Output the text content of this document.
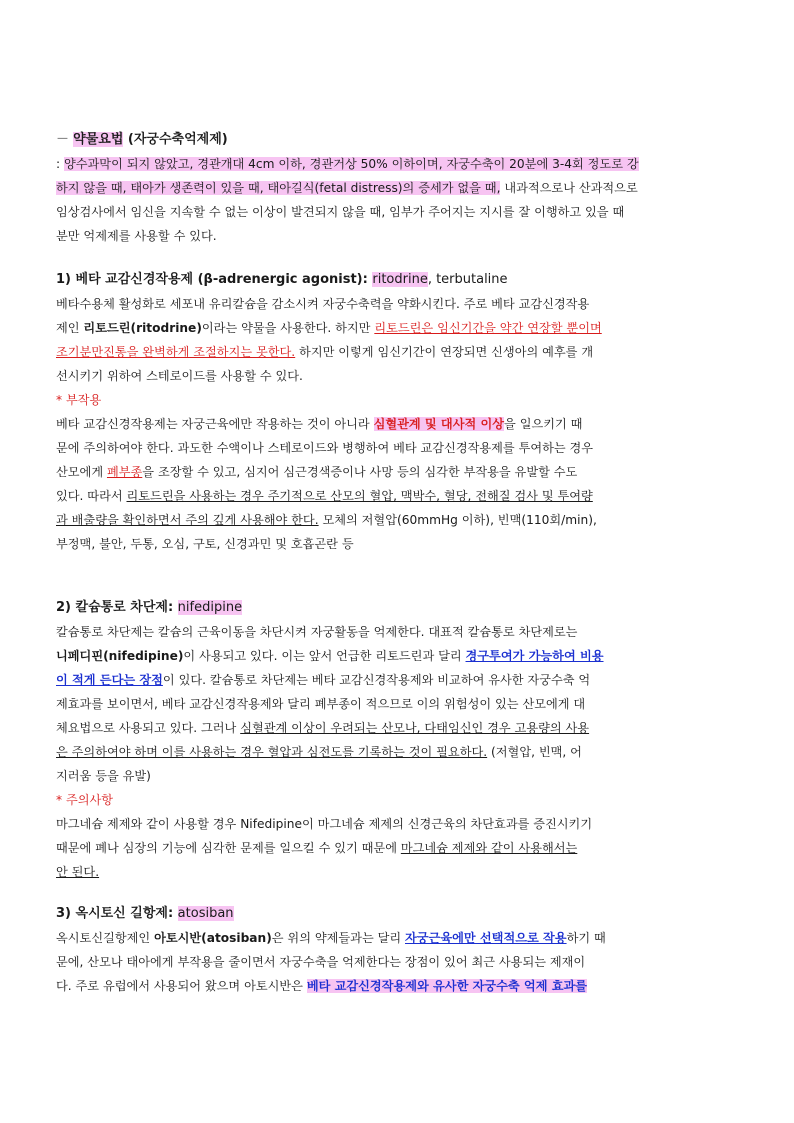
－ 약물요법 (자궁수축억제제)
: 양수과막이 되지 않았고, 경관개대 4cm 이하, 경관거상 50% 이하이며, 자궁수축이 20분에 3-4회 정도로 강
하지 않을 때, 태아가 생존력이 있을 때, 태아길식(fetal distress)의 증세가 없을 때, 내과적으로나 산과적으로
임상검사에서 임신을 지속할 수 없는 이상이 발견되지 않을 때, 임부가 주어지는 지시를 잘 이행하고 있을 때
분만 억제제를 사용할 수 있다.
1) 베타 교감신경작용제 (β-adrenergic agonist): ritodrine, terbutaline
베타수용체 활성화로 세포내 유리칼슘을 감소시켜 자궁수축력을 약화시킨다. 주로 베타 교감신경작용
제인 리토드린(ritodrine)이라는 약물을 사용한다. 하지만 리토드린은 임신기간을 약간 연장할 뿐이며
조기분만진통을 완벽하게 조절하지는 못한다. 하지만 이렇게 임신기간이 연장되면 신생아의 예후를 개
선시키기 위하여 스테로이드를 사용할 수 있다.
* 부작용
베타 교감신경작용제는 자궁근육에만 작용하는 것이 아니라 심혈관계 및 대사적 이상을 일으키기 때
문에 주의하여야 한다. 과도한 수액이나 스테로이드와 병행하여 베타 교감신경작용제를 투여하는 경우
산모에게 폐부종을 조장할 수 있고, 심지어 심근경색증이나 사망 등의 심각한 부작용을 유발할 수도
있다. 따라서 리토드린을 사용하는 경우 주기적으로 산모의 혈압, 맥박수, 혈당, 전해질 검사 및 투여량
과 배출량을 확인하면서 주의 깊게 사용해야 한다. 모체의 저혈압(60mmHg 이하), 빈맥(110회/min),
부정맥, 불안, 두통, 오심, 구토, 신경과민 및 호흡곤란 등
2) 칼슘통로 차단제: nifedipine
칼슘통로 차단제는 칼슘의 근육이동을 차단시켜 자궁활동을 억제한다. 대표적 칼슘통로 차단제로는
니페디핀(nifedipine)이 사용되고 있다. 이는 앞서 언급한 리토드린과 달리 경구투여가 가능하여 비용
이 적게 든다는 장점이 있다. 칼슘통로 차단제는 베타 교감신경작용제와 비교하여 유사한 자궁수축 억
제효과를 보이면서, 베타 교감신경작용제와 달리 폐부종이 적으므로 이의 위험성이 있는 산모에게 대
체요법으로 사용되고 있다. 그러나 심혈관계 이상이 우려되는 산모나, 다태임신인 경우 고용량의 사용
은 주의하여야 하며 이를 사용하는 경우 혈압과 심전도를 기록하는 것이 필요하다. (저혈압, 빈맥, 어
지러움 등을 유발)
* 주의사항
마그네슘 제제와 같이 사용할 경우 Nifedipine이 마그네슘 제제의 신경근육의 차단효과를 증진시키기
때문에 폐나 심장의 기능에 심각한 문제를 일으킬 수 있기 때문에 마그네슘 제제와 같이 사용해서는
안 된다.
3) 옥시토신 길항제: atosiban
옥시토신길항제인 아토시반(atosiban)은 위의 약제들과는 달리 자궁근육에만 선택적으로 작용하기 때
문에, 산모나 태아에게 부작용을 줄이면서 자궁수축을 억제한다는 장점이 있어 최근 사용되는 제재이
다. 주로 유럽에서 사용되어 왔으며 아토시반은 베타 교감신경작용제와 유사한 자궁수축 억제 효과를
